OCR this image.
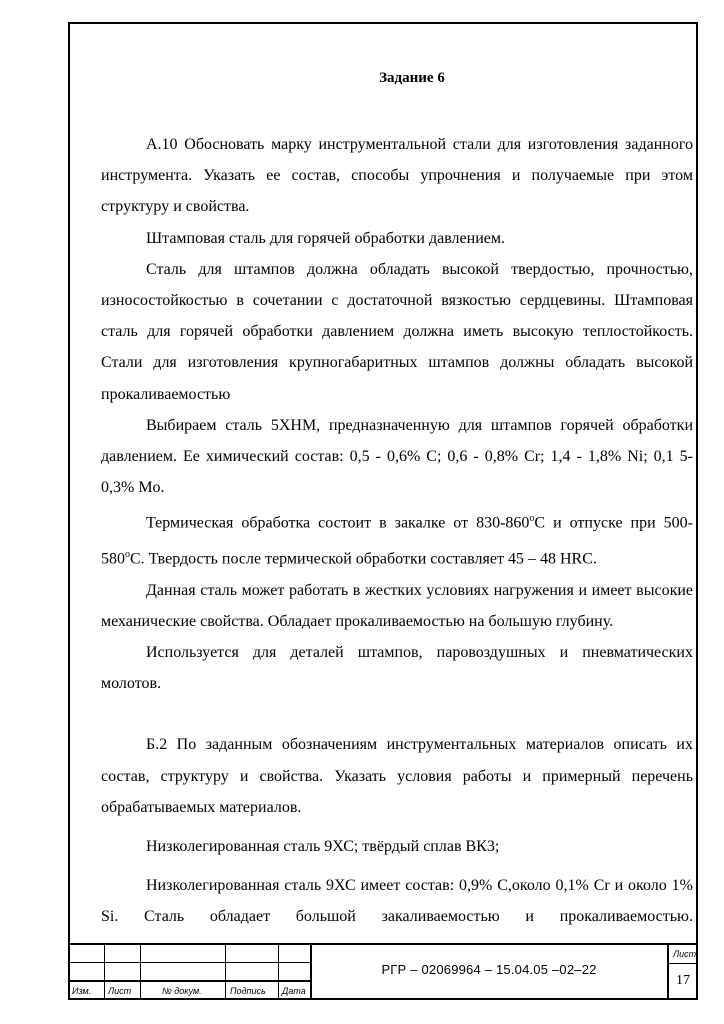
Задание 6

А.10 Обосновать марку инструментальной стали для изготовления заданного инструмента. Указать ее состав, способы упрочнения и получаемые при этом структуру и свойства.

Штамповая сталь для горячей обработки давлением.

Сталь для штампов должна обладать высокой твердостью, прочностью, износостойкостью в сочетании с достаточной вязкостью сердцевины. Штамповая сталь для горячей обработки давлением должна иметь высокую теплостойкость. Стали для изготовления крупногабаритных штампов должны обладать высокой прокаливаемостью

Выбираем сталь 5ХНМ, предназначенную для штампов горячей обработки давлением. Ее химический состав: 0,5 - 0,6% C; 0,6 - 0,8% Cr; 1,4 - 1,8% Ni; 0,1 5- 0,3% Mo.

Термическая обработка состоит в закалке от $830-860^оС$ и отпуске при $500-580^оС$. Твердость после термической обработки составляет 45 – 48 HRC.

Данная сталь может работать в жестких условиях нагружения и имеет высокие механические свойства. Обладает прокаливаемостью на большую глубину.

Используется для деталей штампов, паровоздушных и пневматических молотов.

Б.2 По заданным обозначениям инструментальных материалов описать их состав, структуру и свойства. Указать условия работы и примерный перечень обрабатываемых материалов.

Низколегированная сталь 9ХС; твёрдый сплав ВК3;

Низколегированная сталь 9ХС имеет состав: 0,9% С,около 0,1% Cr и около 1% Si. Сталь обладает большой закаливаемостью и прокаливаемостью.

Изм. Лист	№ докум.	Подпись Дата
РГР – 02069964 – 15.04.05 –02–22
Лист
17
